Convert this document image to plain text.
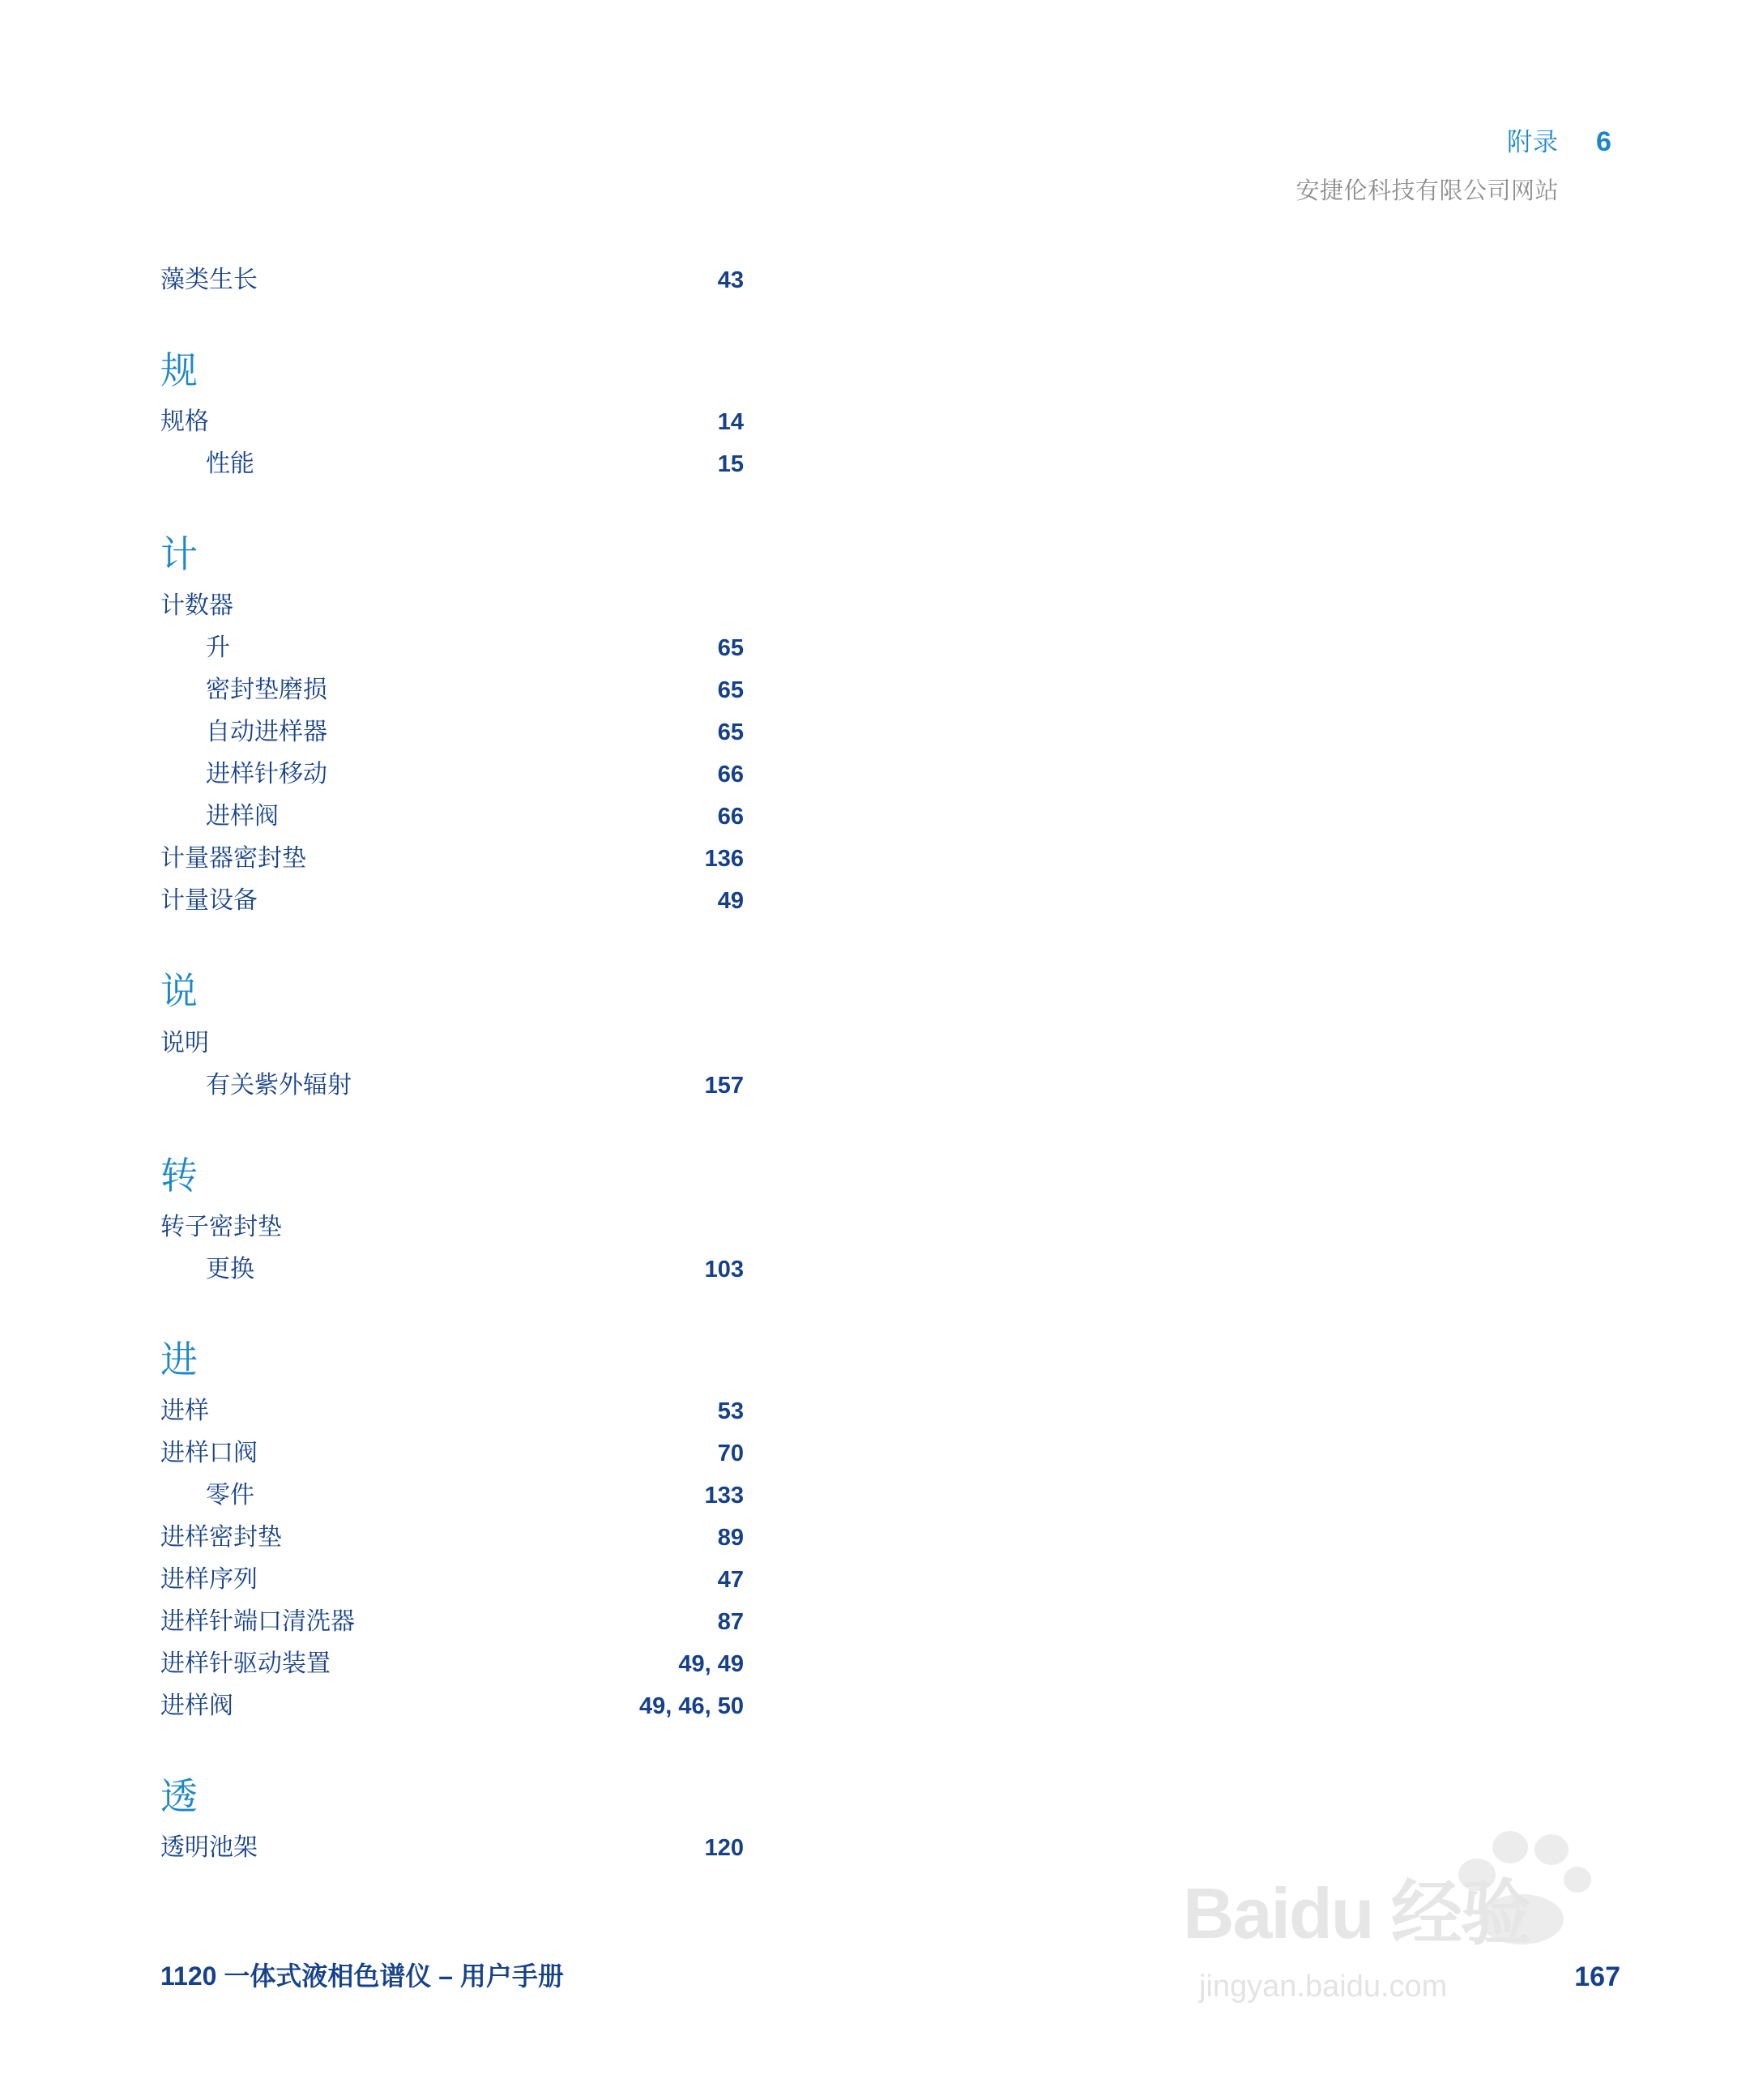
附录 6
安捷伦科技有限公司网站
藻类生长	43
规
规格	14
性能	15
计
计数器
升	65
密封垫磨损	65
自动进样器	65
进样针移动	66
进样阀	66
计量器密封垫	136
计量设备	49
说
说明
有关紫外辐射	157
转
转子密封垫
更换	103
进
进样	53
进样口阀	70
零件	133
进样密封垫	89
进样序列	47
进样针端口清洗器	87
进样针驱动装置	49, 49
进样阀	49, 46, 50
透
透明池架	120
1120 一体式液相色谱仪 – 用户手册	167
Baidu 经验
jingyan.baidu.com
